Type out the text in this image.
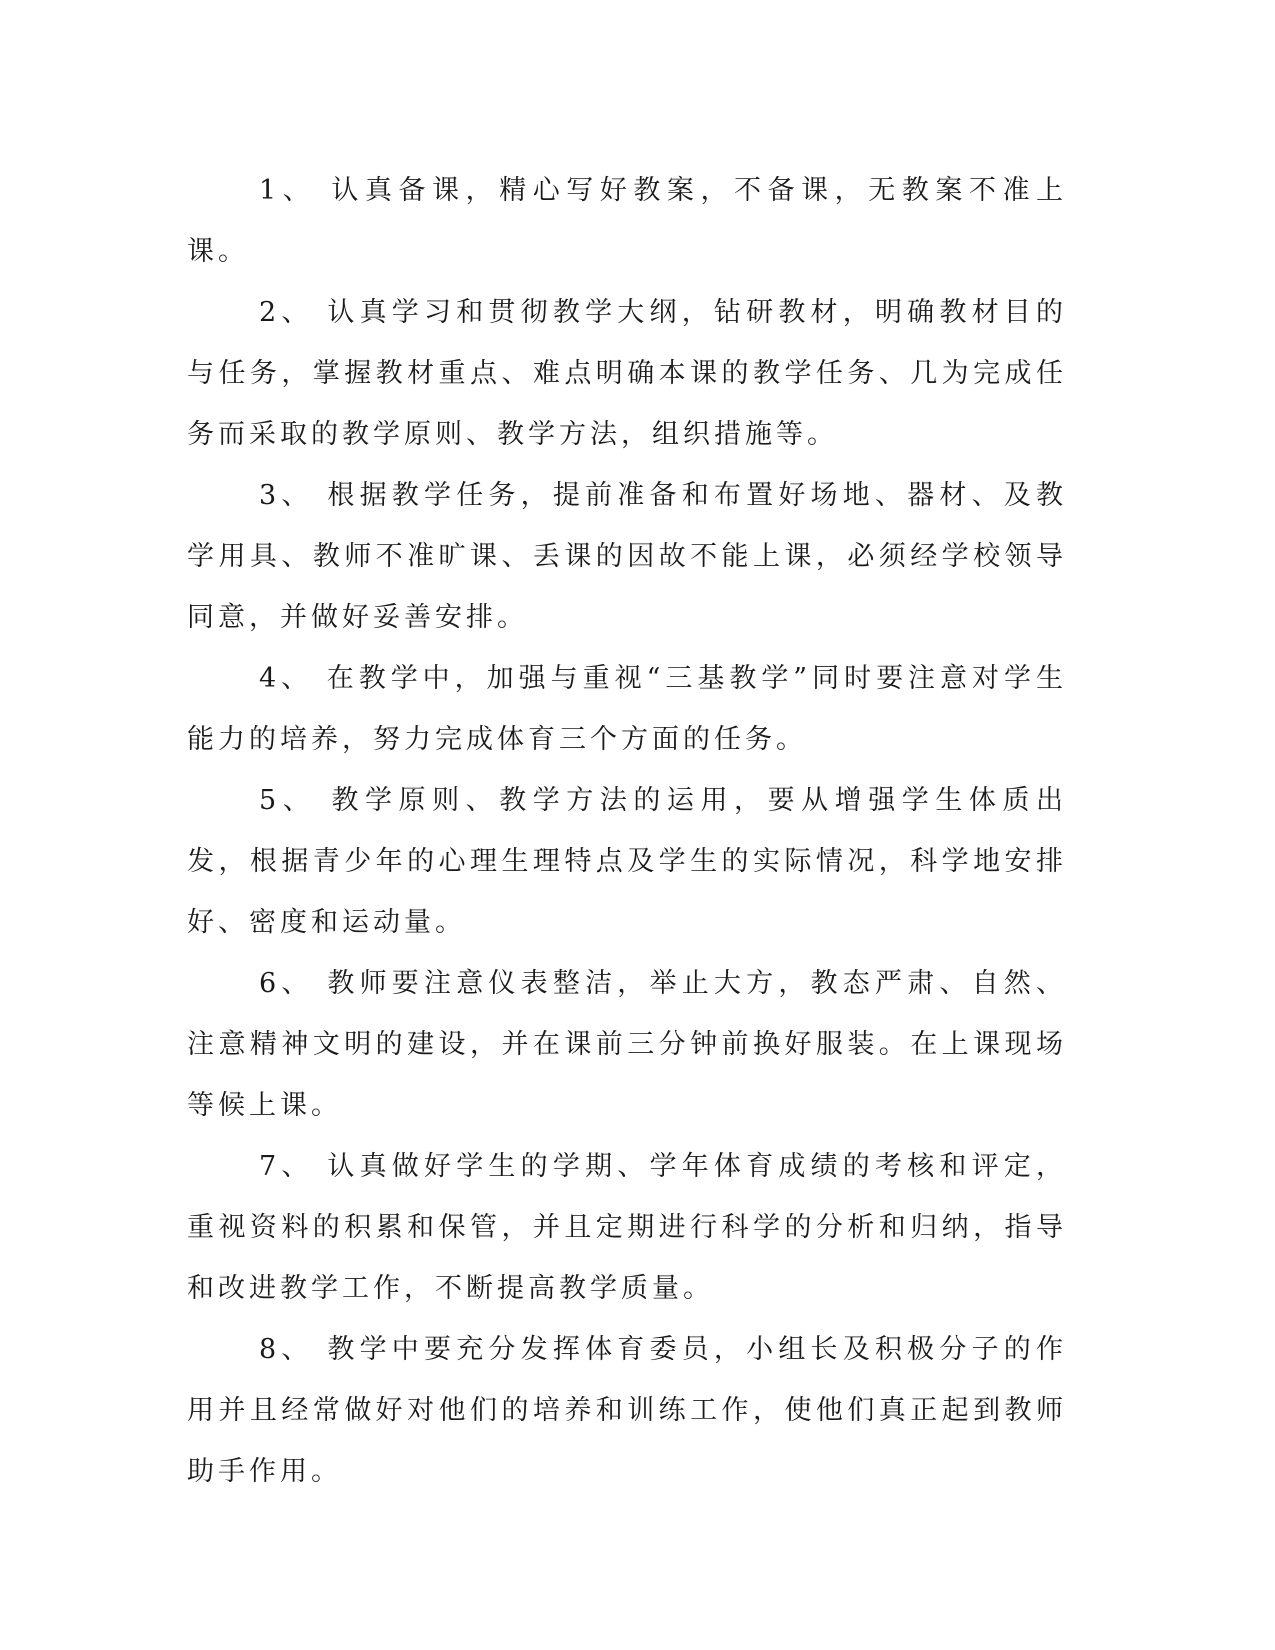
1、 认真备课，精心写好教案，不备课，无教案不准上课。

2、 认真学习和贯彻教学大纲，钻研教材，明确教材目的与任务，掌握教材重点、难点明确本课的教学任务、几为完成任务而采取的教学原则、教学方法，组织措施等。

3、 根据教学任务，提前准备和布置好场地、器材、及教学用具、教师不准旷课、丢课的因故不能上课，必须经学校领导同意，并做好妥善安排。

4、 在教学中，加强与重视“三基教学”同时要注意对学生能力的培养，努力完成体育三个方面的任务。

5、 教学原则、教学方法的运用，要从增强学生体质出发，根据青少年的心理生理特点及学生的实际情况，科学地安排好、密度和运动量。

6、 教师要注意仪表整洁，举止大方，教态严肃、自然、 注意精神文明的建设，并在课前三分钟前换好服装。在上课现场等候上课。

7、 认真做好学生的学期、学年体育成绩的考核和评定，重视资料的积累和保管，并且定期进行科学的分析和归纳，指导和改进教学工作，不断提高教学质量。

8、 教学中要充分发挥体育委员，小组长及积极分子的作用并且经常做好对他们的培养和训练工作，使他们真正起到教师助手作用。
